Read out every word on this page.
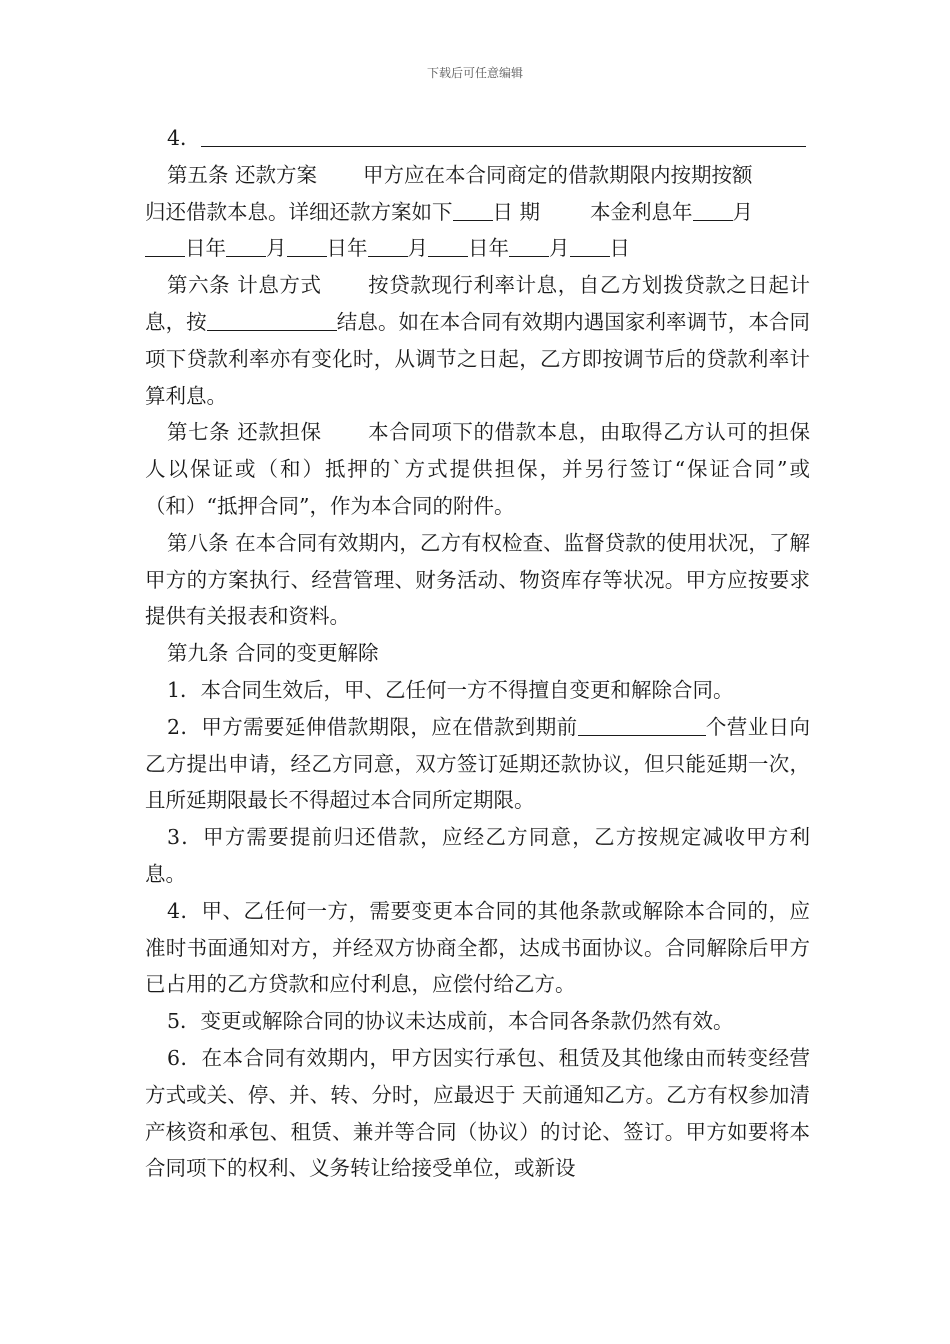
下载后可任意编辑

4．

第五条 还款方案 甲方应在本合同商定的借款期限内按期按额

归还借款本息。详细还款方案如下 日 期 本金利息年 月

日年 月 日年 月 日年 月 日

第六条 计息方式 按贷款现行利率计息，自乙方划拨贷款之日起计息，按	结息。如在本合同有效期内遇国家利率调节，本合同项下贷款利率亦有变化时，从调节之日起，乙方即按调节后的贷款利率计算利息。

第七条 还款担保 本合同项下的借款本息，由取得乙方认可的担保人以保证或（和）抵押的`方式提供担保，并另行签订“保证合同”或（和）“抵押合同”，作为本合同的附件。

第八条 在本合同有效期内，乙方有权检查、监督贷款的使用状况，了解甲方的方案执行、经营管理、财务活动、物资库存等状况。甲方应按要求提供有关报表和资料。

第九条 合同的变更解除

1．本合同生效后，甲、乙任何一方不得擅自变更和解除合同。

2．甲方需要延伸借款期限，应在借款到期前	个营业日向乙方提出申请，经乙方同意，双方签订延期还款协议，但只能延期一次，且所延期限最长不得超过本合同所定期限。

3．甲方需要提前归还借款，应经乙方同意，乙方按规定减收甲方利息。

4．甲、乙任何一方，需要变更本合同的其他条款或解除本合同的，应准时书面通知对方，并经双方协商全都，达成书面协议。合同解除后甲方已占用的乙方贷款和应付利息，应偿付给乙方。

5．变更或解除合同的协议未达成前，本合同各条款仍然有效。

6．在本合同有效期内，甲方因实行承包、租赁及其他缘由而转变经营方式或关、停、并、转、分时，应最迟于 天前通知乙方。乙方有权参加清产核资和承包、租赁、兼并等合同（协议）的讨论、签订。甲方如要将本合同项下的权利、义务转让给接受单位，或新设
